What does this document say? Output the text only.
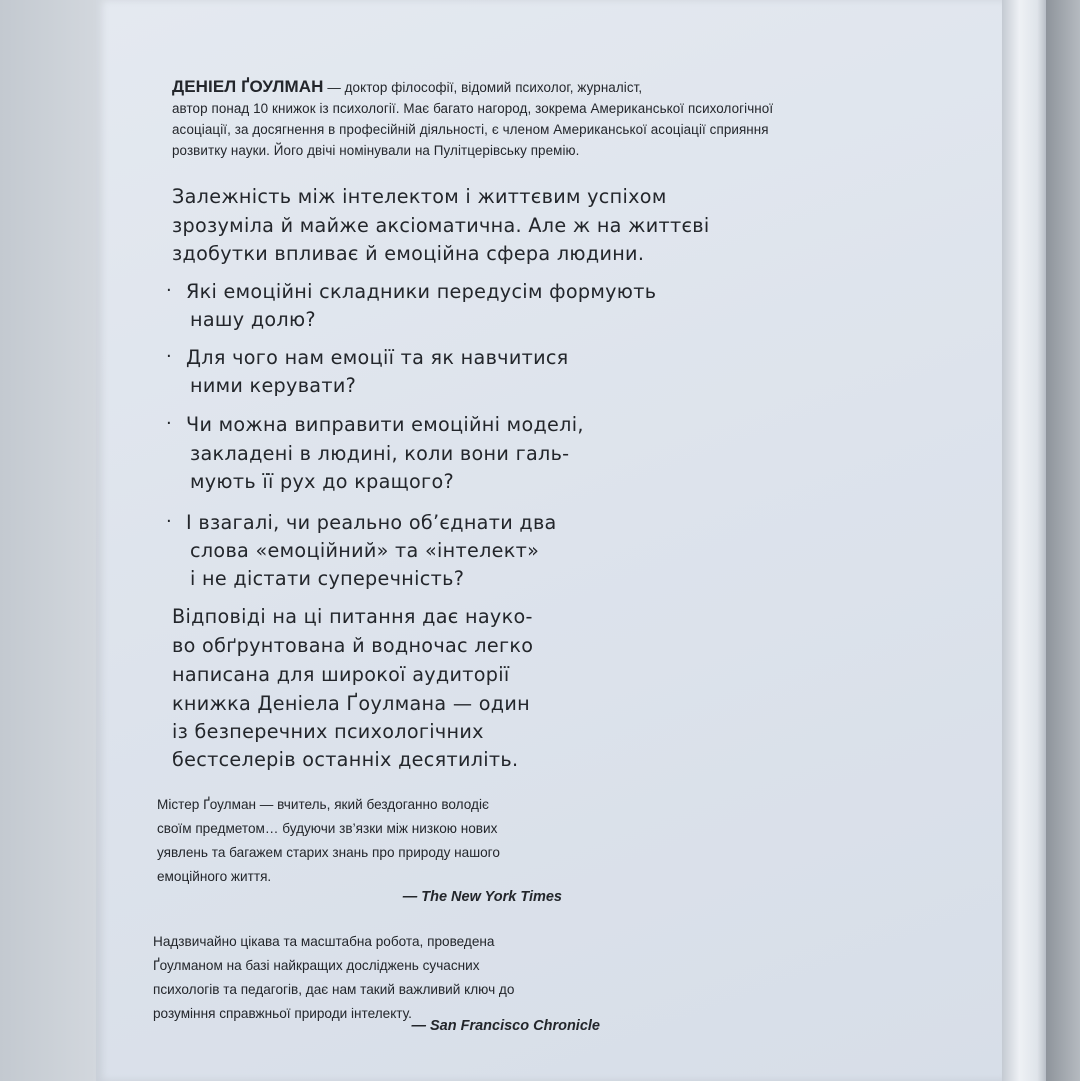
ДЕНІЕЛ ҐОУЛМАН — доктор філософії, відомий психолог, журналіст,
автор понад 10 книжок із психології. Має багато нагород, зокрема Американської психологічної
асоціації, за досягнення в професійній діяльності, є членом Американської асоціації сприяння
розвитку науки. Його двічі номінували на Пулітцерівську премію.
Залежність між інтелектом і життєвим успіхом
зрозуміла й майже аксіоматична. Але ж на життєві
здобутки впливає й емоційна сфера людини.
· Які емоційні складники передусім формують
нашу долю?
· Для чого нам емоції та як навчитися
ними керувати?
· Чи можна виправити емоційні моделі,
закладені в людині, коли вони галь-
мують її рух до кращого?
· І взагалі, чи реально об’єднати два
слова «емоційний» та «інтелект»
і не дістати суперечність?
Відповіді на ці питання дає науко-
во обґрунтована й водночас легко
написана для широкої аудиторії
книжка Деніела Ґоулмана — один
із безперечних психологічних
бестселерів останніх десятиліть.
Містер Ґоулман — вчитель, який бездоганно володіє
своїм предметом… будуючи зв’язки між низкою нових
уявлень та багажем старих знань про природу нашого
емоційного життя.
— The New York Times
Надзвичайно цікава та масштабна робота, проведена
Ґоулманом на базі найкращих досліджень сучасних
психологів та педагогів, дає нам такий важливий ключ до
розуміння справжньої природи інтелекту.
— San Francisco Chronicle
